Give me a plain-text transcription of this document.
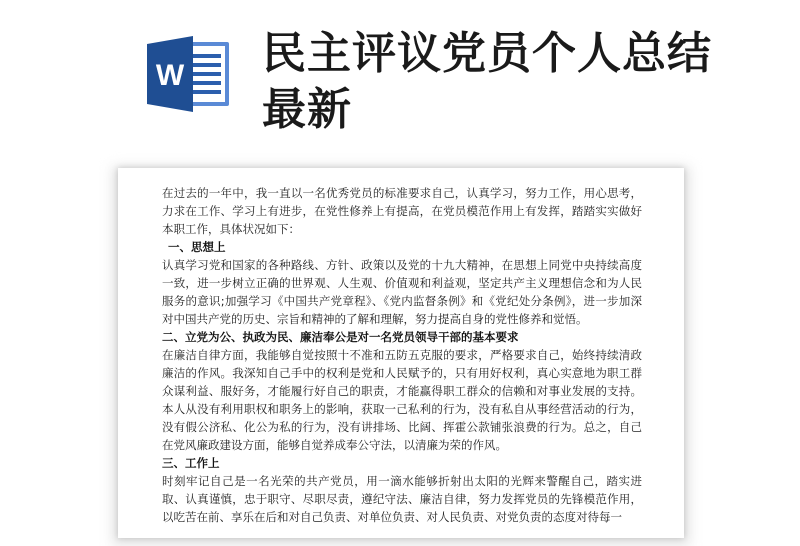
W 民主评议党员个人总结最新

在过去的一年中，我一直以一名优秀党员的标准要求自己，认真学习，努力工作，用心思考，力求在工作、学习上有进步，在党性修养上有提高，在党员模范作用上有发挥，踏踏实实做好本职工作，具体状况如下：

一、思想上

认真学习党和国家的各种路线、方针、政策以及党的十九大精神，在思想上同党中央持续高度一致，进一步树立正确的世界观、人生观、价值观和利益观，坚定共产主义理想信念和为人民服务的意识;加强学习《中国共产党章程》、《党内监督条例》和《党纪处分条例》，进一步加深对中国共产党的历史、宗旨和精神的了解和理解，努力提高自身的党性修养和觉悟。

二、立党为公、执政为民、廉洁奉公是对一名党员领导干部的基本要求

在廉洁自律方面，我能够自觉按照十不准和五防五克服的要求，严格要求自己，始终持续清政廉洁的作风。我深知自己手中的权利是党和人民赋予的，只有用好权利，真心实意地为职工群众谋利益、服好务，才能履行好自己的职责，才能赢得职工群众的信赖和对事业发展的支持。本人从没有利用职权和职务上的影响，获取一己私利的行为，没有私自从事经营活动的行为，没有假公济私、化公为私的行为，没有讲排场、比阔、挥霍公款铺张浪费的行为。总之，自己在党风廉政建设方面，能够自觉养成奉公守法，以清廉为荣的作风。

三、工作上

时刻牢记自己是一名光荣的共产党员，用一滴水能够折射出太阳的光辉来警醒自己，踏实进取、认真谨慎，忠于职守、尽职尽责，遵纪守法、廉洁自律，努力发挥党员的先锋模范作用，以吃苦在前、享乐在后和对自己负责、对单位负责、对人民负责、对党负责的态度对待每一
